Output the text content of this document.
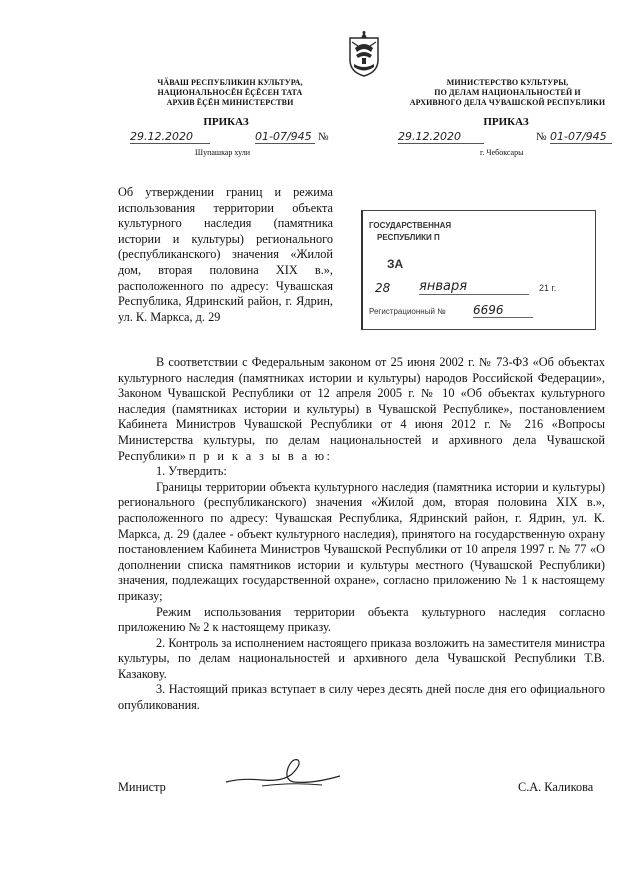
ЧӐВАШ РЕСПУБЛИКИН КУЛЬТУРА,
НАЦИОНАЛЬНОСĔН ĔҪĔСЕН ТАТА
АРХИВ ĔҪĔН МИНИСТЕРСТВИ
ПРИКАЗ
29.12.2020	01-07/945 №
Шупашкар хули
МИНИСТЕРСТВО КУЛЬТУРЫ,
ПО ДЕЛАМ НАЦИОНАЛЬНОСТЕЙ И
АРХИВНОГО ДЕЛА ЧУВАШСКОЙ РЕСПУБЛИКИ
ПРИКАЗ
29.12.2020	№ 01-07/945
г. Чебоксары
Об утверждении границ и режима использования территории объекта культурного наследия (памятника истории и культуры) регионального (республиканского) значения «Жилой дом, вторая половина XIX в.», расположенного по адресу: Чувашская Республика, Ядринский район, г. Ядрин, ул. К. Маркса, д. 29
ГОСУДАРСТВЕННАЯ
РЕСПУБЛИКИ П
ЗА
28 января	21 г.
Регистрационный № 6696

В соответствии с Федеральным законом от 25 июня 2002 г. № 73-ФЗ «Об объектах культурного наследия (памятниках истории и культуры) народов Российской Федерации», Законом Чувашской Республики от 12 апреля 2005 г. № 10 «Об объектах культурного наследия (памятниках истории и культуры) в Чувашской Республике», постановлением Кабинета Министров Чувашской Республики от 4 июня 2012 г. № 216 «Вопросы Министерства культуры, по делам национальностей и архивного дела Чувашской Республики» п р и к а з ы в а ю:

1. Утвердить:

Границы территории объекта культурного наследия (памятника истории и культуры) регионального (республиканского) значения «Жилой дом, вторая половина XIX в.», расположенного по адресу: Чувашская Республика, Ядринский район, г. Ядрин, ул. К. Маркса, д. 29 (далее - объект культурного наследия), принятого на государственную охрану постановлением Кабинета Министров Чувашской Республики от 10 апреля 1997 г. № 77 «О дополнении списка памятников истории и культуры местного (Чувашской Республики) значения, подлежащих государственной охране», согласно приложению № 1 к настоящему приказу;

Режим использования территории объекта культурного наследия согласно приложению № 2 к настоящему приказу.

2. Контроль за исполнением настоящего приказа возложить на заместителя министра культуры, по делам национальностей и архивного дела Чувашской Республики Т.В. Казакову.

3. Настоящий приказ вступает в силу через десять дней после дня его официального опубликования.

Министр	С.А. Каликова
